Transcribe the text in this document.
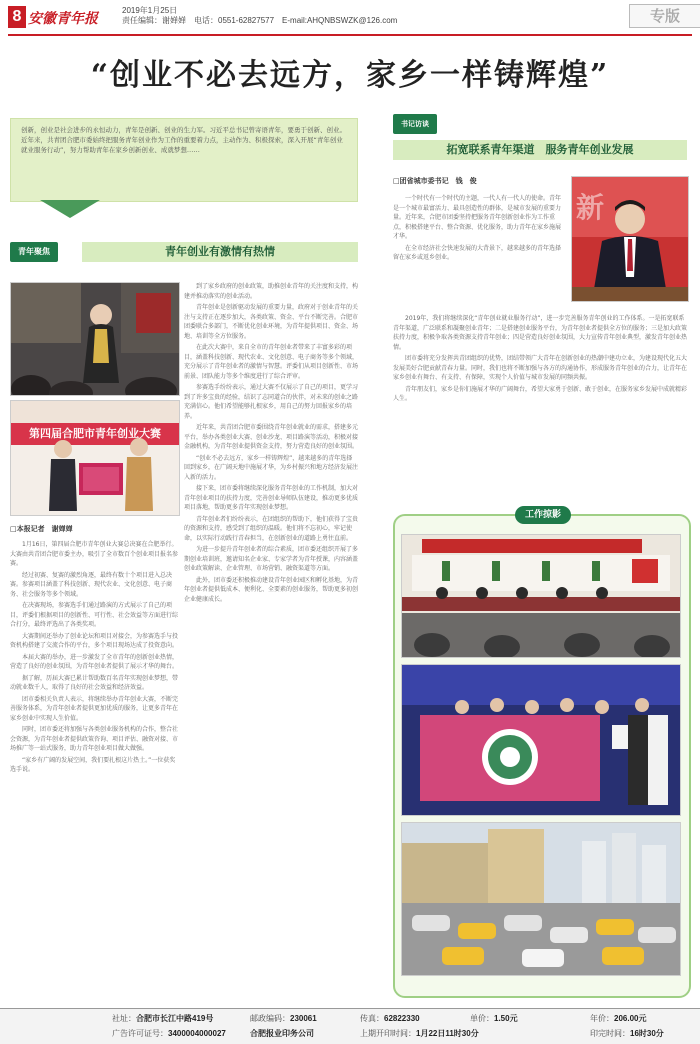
8 安徽青年报
2019年1月25日
责任编辑：谢婵婵　电话：0551-62827577　E-mail:AHQNBSWZK@126.com	专版
“创业不必去远方，家乡一样铸辉煌”
创新，创业是社会进步的永恒动力，青年是创新、创业的生力军。习近平总书记曾寄语青年，要勇于创新、创业。近年来，共青团合肥市委始终把服务青年创业作为工作的重要着力点，主动作为、积极探索，深入开展“青年创业就业服务行动”，努力帮助青年在家乡创新创业、成就梦想……
青年聚焦	青年创业有激情有热情
第四届合肥市青年创业大赛

到了家乡政府的创业政策，助推创业青年的关注度和支持，构建并推动落实的创业活动。

青年创业是创新驱动发展的重要力量，政府对于创业青年的关注与支持正在逐步加大，各类政策、资金、平台不断完善。合肥市团委联合多部门，不断优化创业环境，为青年提供项目、资金、场地、培训等全方位服务。

在此次大赛中，来自全市的青年创业者带来了丰富多彩的项目，涵盖科技创新、现代农业、文化创意、电子商务等多个领域，充分展示了青年创业者的激情与智慧。评委们从项目创新性、市场前景、团队能力等多个维度进行了综合评审。

参赛选手纷纷表示，通过大赛不仅展示了自己的项目，更学习到了许多宝贵的经验，结识了志同道合的伙伴，对未来的创业之路充满信心。他们希望能够扎根家乡，用自己的努力回报家乡的培养。

近年来，共青团合肥市委围绕青年创业就业的需求，搭建多元平台，举办各类创业大赛、创业沙龙、项目路演等活动，积极对接金融机构，为青年创业提供资金支持，努力营造良好的创业氛围。

“创业不必去远方，家乡一样铸辉煌”，越来越多的青年选择回到家乡，在广阔天地中施展才华，为乡村振兴和地方经济发展注入新的活力。

接下来，团市委将继续深化服务青年创业的工作机制，加大对青年创业项目的扶持力度，完善创业导师队伍建设，推动更多优质项目落地，帮助更多青年实现创业梦想。

青年创业者们纷纷表示，在团组织的帮助下，他们获得了宝贵的资源和支持，感受到了组织的温暖。他们将不忘初心，牢记使命，以实际行动践行青春担当，在创新创业的道路上勇往直前。

为进一步提升青年创业者的综合素质，团市委还组织开展了多期创业培训班，邀请知名企业家、专家学者为青年授课，内容涵盖创业政策解读、企业管理、市场营销、融资渠道等方面。

此外，团市委还积极推动建设青年创业园区和孵化基地，为青年创业者提供低成本、便利化、全要素的创业服务，帮助更多初创企业健康成长。

□本报记者　谢婵婵

1月16日，第四届合肥市青年创业大赛总决赛在合肥举行。大赛由共青团合肥市委主办，吸引了全市数百个创业项目报名参赛。

经过初赛、复赛的激烈角逐，最终有数十个项目进入总决赛。参赛项目涵盖了科技创新、现代农业、文化创意、电子商务、社会服务等多个领域。

在决赛现场，参赛选手们通过路演的方式展示了自己的项目，评委们根据项目的创新性、可行性、社会效益等方面进行综合打分，最终评选出了各类奖项。

大赛期间还举办了创业论坛和项目对接会，为参赛选手与投资机构搭建了交流合作的平台，多个项目现场达成了投资意向。

本届大赛的举办，进一步激发了全市青年的创新创业热情，营造了良好的创业氛围，为青年创业者提供了展示才华的舞台。

据了解，历届大赛已累计帮助数百名青年实现创业梦想，带动就业数千人，取得了良好的社会效益和经济效益。

团市委相关负责人表示，将继续举办青年创业大赛，不断完善服务体系，为青年创业者提供更加优质的服务，让更多青年在家乡创业中实现人生价值。

同时，团市委还将加强与各类创业服务机构的合作，整合社会资源，为青年创业者提供政策咨询、项目评估、融资对接、市场推广等一站式服务，助力青年创业项目做大做强。

“家乡有广阔的发展空间，我们要扎根这片热土。”一位获奖选手说。

书记访谈
拓宽联系青年渠道　服务青年创业发展
□团省城市委书记　钱　俊

一个时代有一个时代的主题，一代人有一代人的使命。青年是一个城市最富活力、最具创造性的群体，是城市发展的重要力量。近年来，合肥市团委坚持把服务青年创新创业作为工作重点，积极搭建平台、整合资源、优化服务，助力青年在家乡施展才华。

在全市经济社会快速发展的大背景下，越来越多的青年选择留在家乡或返乡创业。

新

2019年，我们将继续深化“青年创业就业服务行动”，进一步完善服务青年创业的工作体系。一是拓宽联系青年渠道，广泛联系和凝聚创业青年；二是搭建创业服务平台，为青年创业者提供全方位的服务；三是加大政策扶持力度，积极争取各类资源支持青年创业；四是营造良好创业氛围，大力宣传青年创业典型，激发青年创业热情。

团市委将充分发挥共青团组织的优势，团结带领广大青年在创新创业的热潮中建功立业，为建设现代化五大发展美好合肥贡献青春力量。同时，我们也将不断加强与各方的沟通协作，形成服务青年创业的合力，让青年在家乡创业有舞台、有支持、有保障，实现个人价值与城市发展的同频共振。

青年朋友们，家乡是你们施展才华的广阔舞台，希望大家勇于创新、敢于创业，在服务家乡发展中成就精彩人生。

工作掠影
社址：合肥市长江中路419号	邮政编码：230061	传真：62822330	单价：1.50元	年价：206.00元
广告许可证号：3400004000027	合肥报业印务公司	上期开印时间：1月22日11时30分	印完时间：16时30分
